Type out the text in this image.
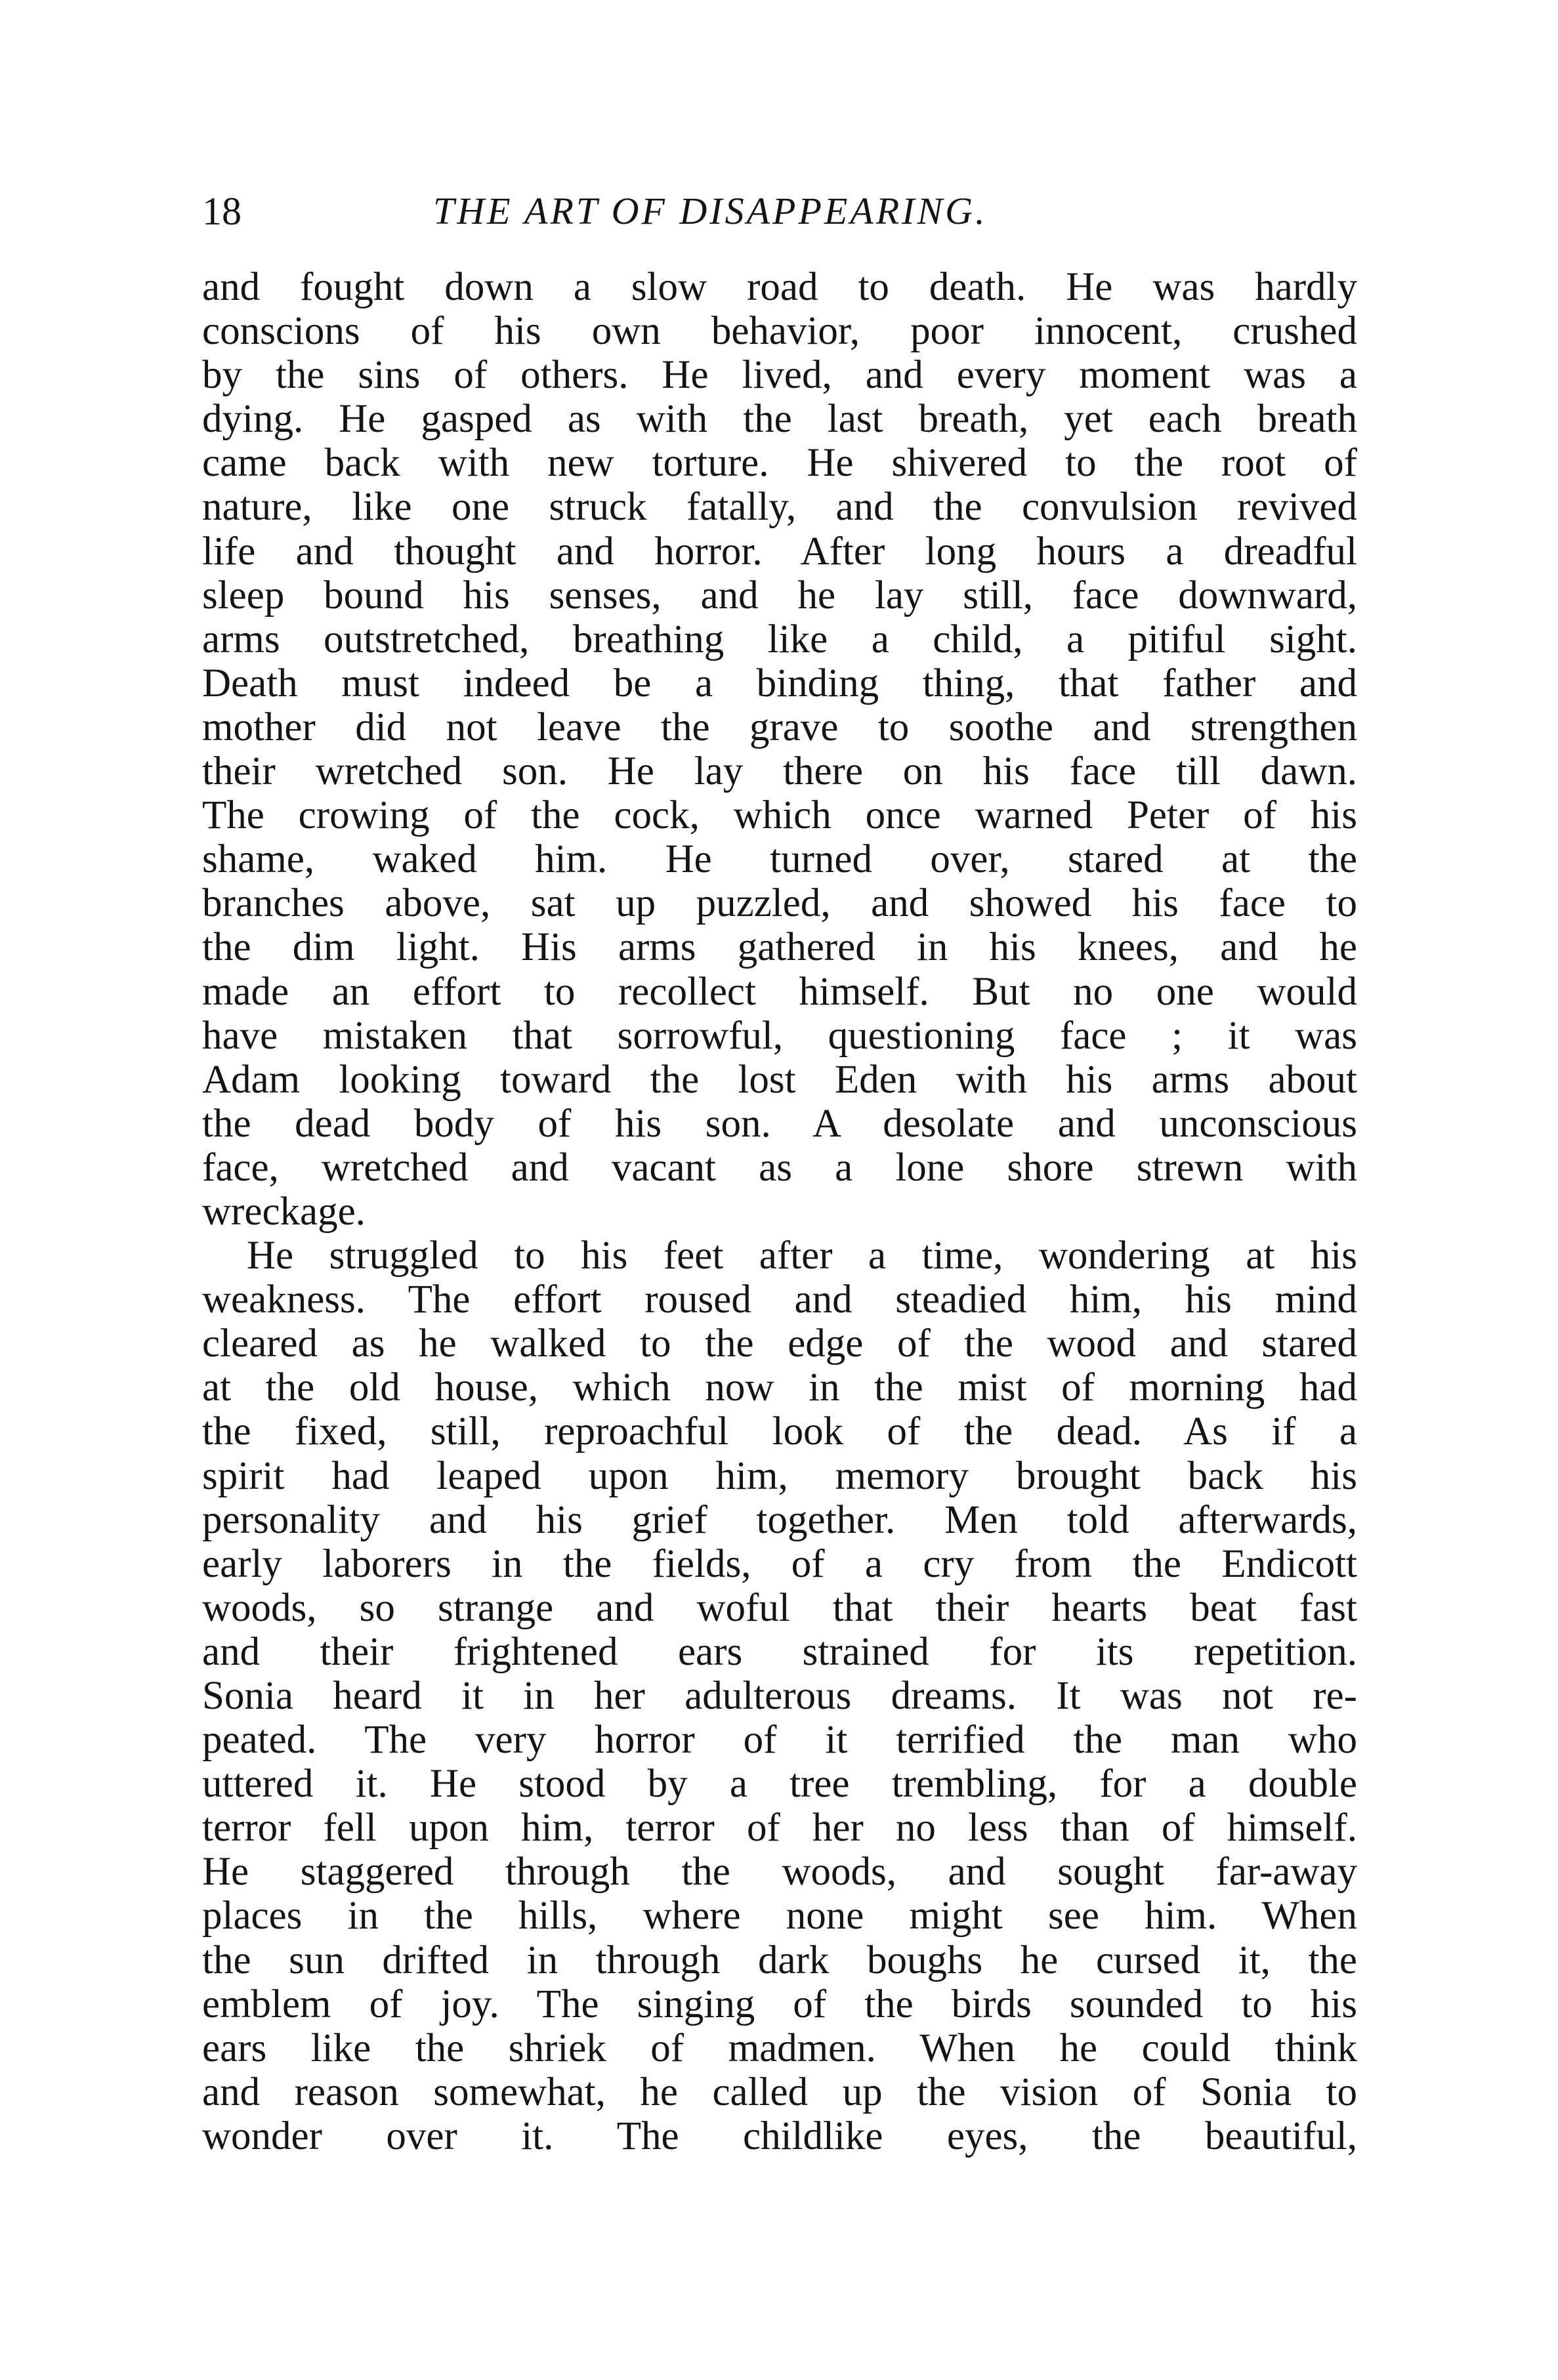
18	THE ART OF DISAPPEARING.
and fought down a slow road to death. He was hardly
conscions of his own behavior, poor innocent, crushed
by the sins of others. He lived, and every moment was a
dying. He gasped as with the last breath, yet each breath
came back with new torture. He shivered to the root of
nature, like one struck fatally, and the convulsion revived
life and thought and horror. After long hours a dreadful
sleep bound his senses, and he lay still, face downward,
arms outstretched, breathing like a child, a pitiful sight.
Death must indeed be a binding thing, that father and
mother did not leave the grave to soothe and strengthen
their wretched son. He lay there on his face till dawn.
The crowing of the cock, which once warned Peter of his
shame, waked him. He turned over, stared at the
branches above, sat up puzzled, and showed his face to
the dim light. His arms gathered in his knees, and he
made an effort to recollect himself. But no one would
have mistaken that sorrowful, questioning face ; it was
Adam looking toward the lost Eden with his arms about
the dead body of his son. A desolate and unconscious
face, wretched and vacant as a lone shore strewn with
wreckage.
He struggled to his feet after a time, wondering at his
weakness. The effort roused and steadied him, his mind
cleared as he walked to the edge of the wood and stared
at the old house, which now in the mist of morning had
the fixed, still, reproachful look of the dead. As if a
spirit had leaped upon him, memory brought back his
personality and his grief together. Men told afterwards,
early laborers in the fields, of a cry from the Endicott
woods, so strange and woful that their hearts beat fast
and their frightened ears strained for its repetition.
Sonia heard it in her adulterous dreams. It was not re-
peated. The very horror of it terrified the man who
uttered it. He stood by a tree trembling, for a double
terror fell upon him, terror of her no less than of himself.
He staggered through the woods, and sought far-away
places in the hills, where none might see him. When
the sun drifted in through dark boughs he cursed it, the
emblem of joy. The singing of the birds sounded to his
ears like the shriek of madmen. When he could think
and reason somewhat, he called up the vision of Sonia to
wonder over it. The childlike eyes, the beautiful,
